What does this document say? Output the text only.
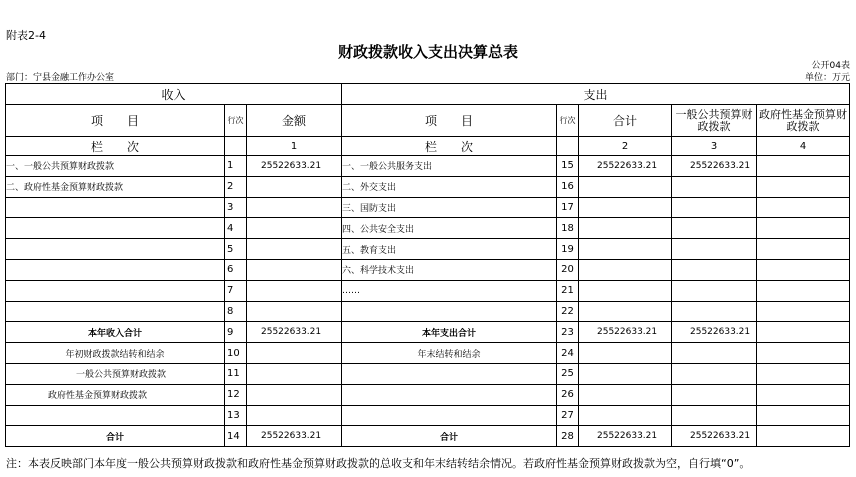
附表2-4
财政拨款收入支出决算总表
公开04表
部门：宁县金融工作办公室	单位：万元
收入			支出				
项　　目	行次	金额	项　　目	行次	合计	一般公共预算财政拨款	政府性基金预算财政拨款
栏　　次		1	栏　　次		2	3	4
一、一般公共预算财政拨款	1	25522633.21	一、一般公共服务支出	15	25522633.21	25522633.21	
二、政府性基金预算财政拨款	2		二、外交支出	16			
	3		三、国防支出	17			
	4		四、公共安全支出	18			
	5		五、教育支出	19			
	6		六、科学技术支出	20			
	7		……	21			
	8			22			
本年收入合计	9	25522633.21	本年支出合计	23	25522633.21	25522633.21	
年初财政拨款结转和结余	10		年末结转和结余	24			
一般公共预算财政拨款	11			25			
政府性基金预算财政拨款	12			26			
	13			27			
合计	14	25522633.21	合计	28	25522633.21	25522633.21	
注：本表反映部门本年度一般公共预算财政拨款和政府性基金预算财政拨款的总收支和年末结转结余情况。若政府性基金预算财政拨款为空，自行填“0”。
